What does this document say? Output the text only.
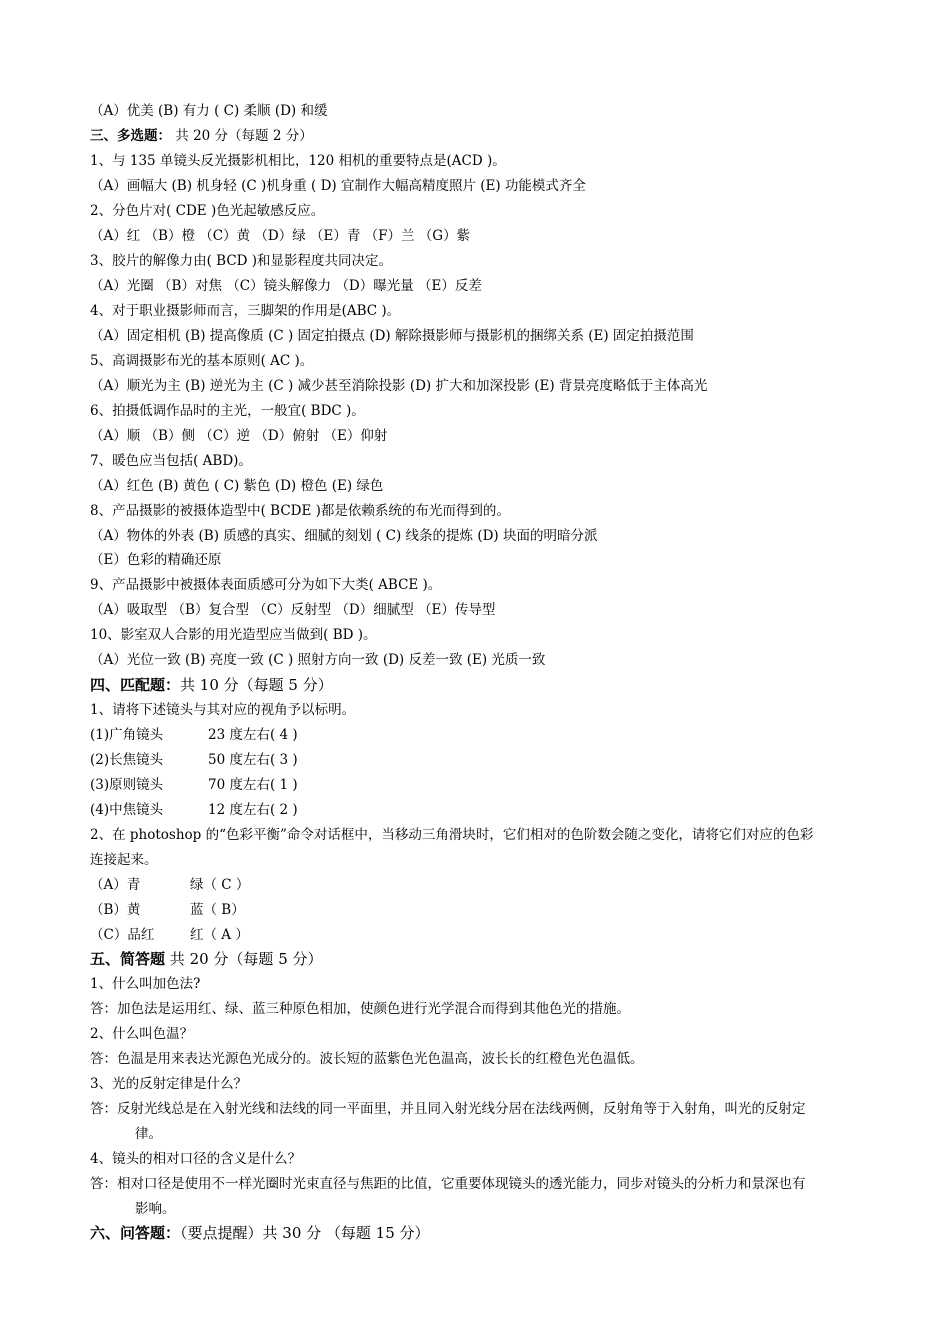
（A）优美 (B) 有力 ( C) 柔顺 (D) 和缓
三、多选题： 共 20 分（每题 2 分）
1、与 135 单镜头反光摄影机相比，120 相机的重要特点是(ACD )。
（A）画幅大 (B) 机身轻 (C )机身重 ( D) 宜制作大幅高精度照片 (E) 功能模式齐全
2、分色片对( CDE )色光起敏感反应。
（A）红 （B）橙 （C）黄 （D）绿 （E）青 （F）兰 （G）紫
3、胶片的解像力由( BCD )和显影程度共同决定。
（A）光圈 （B）对焦 （C）镜头解像力 （D）曝光量 （E）反差
4、对于职业摄影师而言，三脚架的作用是(ABC )。
（A）固定相机 (B) 提高像质 (C ) 固定拍摄点 (D) 解除摄影师与摄影机的捆绑关系 (E) 固定拍摄范围
5、高调摄影布光的基本原则( AC )。
（A）顺光为主 (B) 逆光为主 (C ) 减少甚至消除投影 (D) 扩大和加深投影 (E) 背景亮度略低于主体高光
6、拍摄低调作品时的主光，一般宜( BDC )。
（A）顺 （B）侧 （C）逆 （D）俯射 （E）仰射
7、暖色应当包括( ABD)。
（A）红色 (B) 黄色 ( C) 紫色 (D) 橙色 (E) 绿色
8、产品摄影的被摄体造型中( BCDE )都是依赖系统的布光而得到的。
（A）物体的外表 (B) 质感的真实、细腻的刻划 ( C) 线条的提炼 (D) 块面的明暗分派
（E）色彩的精确还原
9、产品摄影中被摄体表面质感可分为如下大类( ABCE )。
（A）吸取型 （B）复合型 （C）反射型 （D）细腻型 （E）传导型
10、影室双人合影的用光造型应当做到( BD )。
（A）光位一致 (B) 亮度一致 (C ) 照射方向一致 (D) 反差一致 (E) 光质一致
四、匹配题：共 10 分（每题 5 分）
1、请将下述镜头与其对应的视角予以标明。
(1)广角镜头	23 度左右( 4 )
(2)长焦镜头	50 度左右( 3 )
(3)原则镜头	70 度左右( 1 )
(4)中焦镜头	12 度左右( 2 )
2、在 photoshop 的“色彩平衡”命令对话框中，当移动三角滑块时，它们相对的色阶数会随之变化，请将它们对应的色彩
连接起来。
（A）青	绿（ C ）
（B）黄	蓝（ B）
（C）品红	红（ A ）
五、简答题 共 20 分（每题 5 分）
1、什么叫加色法?
答：加色法是运用红、绿、蓝三种原色相加，使颜色进行光学混合而得到其他色光的措施。
2、什么叫色温？
答：色温是用来表达光源色光成分的。波长短的蓝紫色光色温高，波长长的红橙色光色温低。
3、光的反射定律是什么？
答：反射光线总是在入射光线和法线的同一平面里，并且同入射光线分居在法线两侧，反射角等于入射角，叫光的反射定
律。
4、镜头的相对口径的含义是什么？
答：相对口径是使用不一样光圈时光束直径与焦距的比值，它重要体现镜头的透光能力，同步对镜头的分析力和景深也有
影响。
六、问答题：（要点提醒）共 30 分 （每题 15 分）
